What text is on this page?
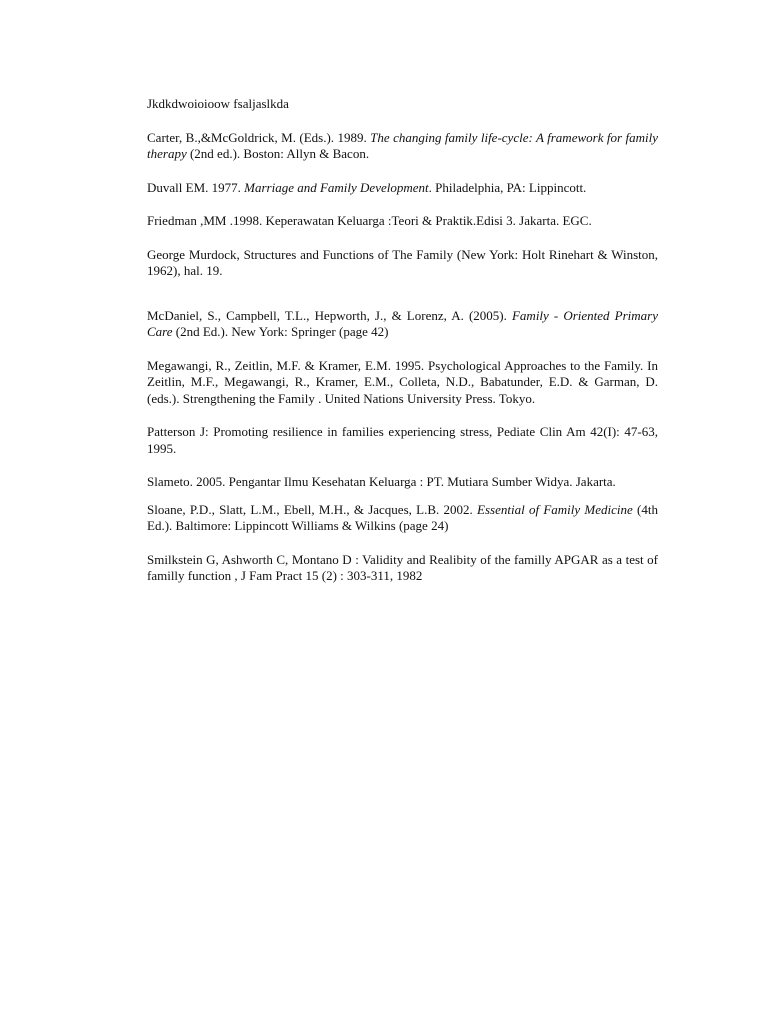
Jkdkdwoioioow fsaljaslkda

Carter, B.,&McGoldrick, M. (Eds.). 1989. The changing family life-cycle: A framework for family therapy (2nd ed.). Boston: Allyn & Bacon.

Duvall EM. 1977. Marriage and Family Development. Philadelphia, PA: Lippincott.

Friedman ,MM .1998. Keperawatan Keluarga :Teori & Praktik.Edisi 3. Jakarta. EGC.

George Murdock, Structures and Functions of The Family (New York: Holt Rinehart & Winston, 1962), hal. 19.

McDaniel, S., Campbell, T.L., Hepworth, J., & Lorenz, A. (2005). Family - Oriented Primary Care (2nd Ed.). New York: Springer (page 42)

Megawangi, R., Zeitlin, M.F. & Kramer, E.M. 1995. Psychological Approaches to the Family. In Zeitlin, M.F., Megawangi, R., Kramer, E.M., Colleta, N.D., Babatunder, E.D. & Garman, D. (eds.). Strengthening the Family . United Nations University Press. Tokyo.

Patterson J: Promoting resilience in families experiencing stress, Pediate Clin Am 42(I): 47-63, 1995.

Slameto. 2005. Pengantar Ilmu Kesehatan Keluarga : PT. Mutiara Sumber Widya. Jakarta.

Sloane, P.D., Slatt, L.M., Ebell, M.H., & Jacques, L.B. 2002. Essential of Family Medicine (4th Ed.). Baltimore: Lippincott Williams & Wilkins (page 24)

Smilkstein G, Ashworth C, Montano D : Validity and Realibity of the familly APGAR as a test of familly function , J Fam Pract 15 (2) : 303-311, 1982
